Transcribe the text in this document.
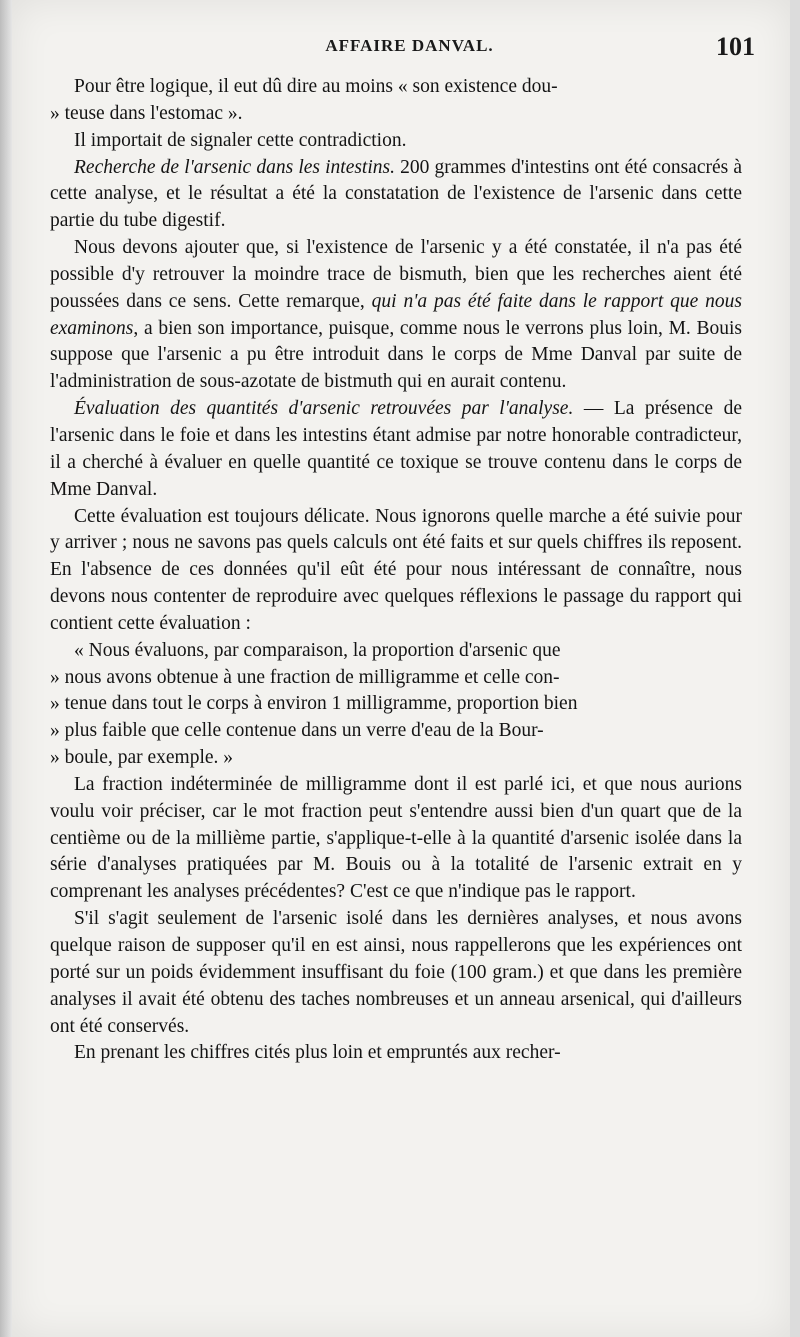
AFFAIRE DANVAL.	101

Pour être logique, il eut dû dire au moins « son existence dou-
» teuse dans l'estomac ».

Il importait de signaler cette contradiction.

Recherche de l'arsenic dans les intestins. 200 grammes d'intestins ont été consacrés à cette analyse, et le résultat a été la constatation de l'existence de l'arsenic dans cette partie du tube digestif.

Nous devons ajouter que, si l'existence de l'arsenic y a été constatée, il n'a pas été possible d'y retrouver la moindre trace de bismuth, bien que les recherches aient été poussées dans ce sens. Cette remarque, qui n'a pas été faite dans le rapport que nous examinons, a bien son importance, puisque, comme nous le verrons plus loin, M. Bouis suppose que l'arsenic a pu être introduit dans le corps de Mme Danval par suite de l'administration de sous-azotate de bistmuth qui en aurait contenu.

Évaluation des quantités d'arsenic retrouvées par l'analyse. — La présence de l'arsenic dans le foie et dans les intestins étant admise par notre honorable contradicteur, il a cherché à évaluer en quelle quantité ce toxique se trouve contenu dans le corps de Mme Danval.

Cette évaluation est toujours délicate. Nous ignorons quelle marche a été suivie pour y arriver ; nous ne savons pas quels calculs ont été faits et sur quels chiffres ils reposent. En l'absence de ces données qu'il eût été pour nous intéressant de connaître, nous devons nous contenter de reproduire avec quelques réflexions le passage du rapport qui contient cette évaluation :

« Nous évaluons, par comparaison, la proportion d'arsenic que
» nous avons obtenue à une fraction de milligramme et celle con-
» tenue dans tout le corps à environ 1 milligramme, proportion bien
» plus faible que celle contenue dans un verre d'eau de la Bour-
» boule, par exemple. »

La fraction indéterminée de milligramme dont il est parlé ici, et que nous aurions voulu voir préciser, car le mot fraction peut s'entendre aussi bien d'un quart que de la centième ou de la millième partie, s'applique-t-elle à la quantité d'arsenic isolée dans la série d'analyses pratiquées par M. Bouis ou à la totalité de l'arsenic extrait en y comprenant les analyses précédentes? C'est ce que n'indique pas le rapport.

S'il s'agit seulement de l'arsenic isolé dans les dernières analyses, et nous avons quelque raison de supposer qu'il en est ainsi, nous rappellerons que les expériences ont porté sur un poids évidemment insuffisant du foie (100 gram.) et que dans les première analyses il avait été obtenu des taches nombreuses et un anneau arsenical, qui d'ailleurs ont été conservés.

En prenant les chiffres cités plus loin et empruntés aux recher-
